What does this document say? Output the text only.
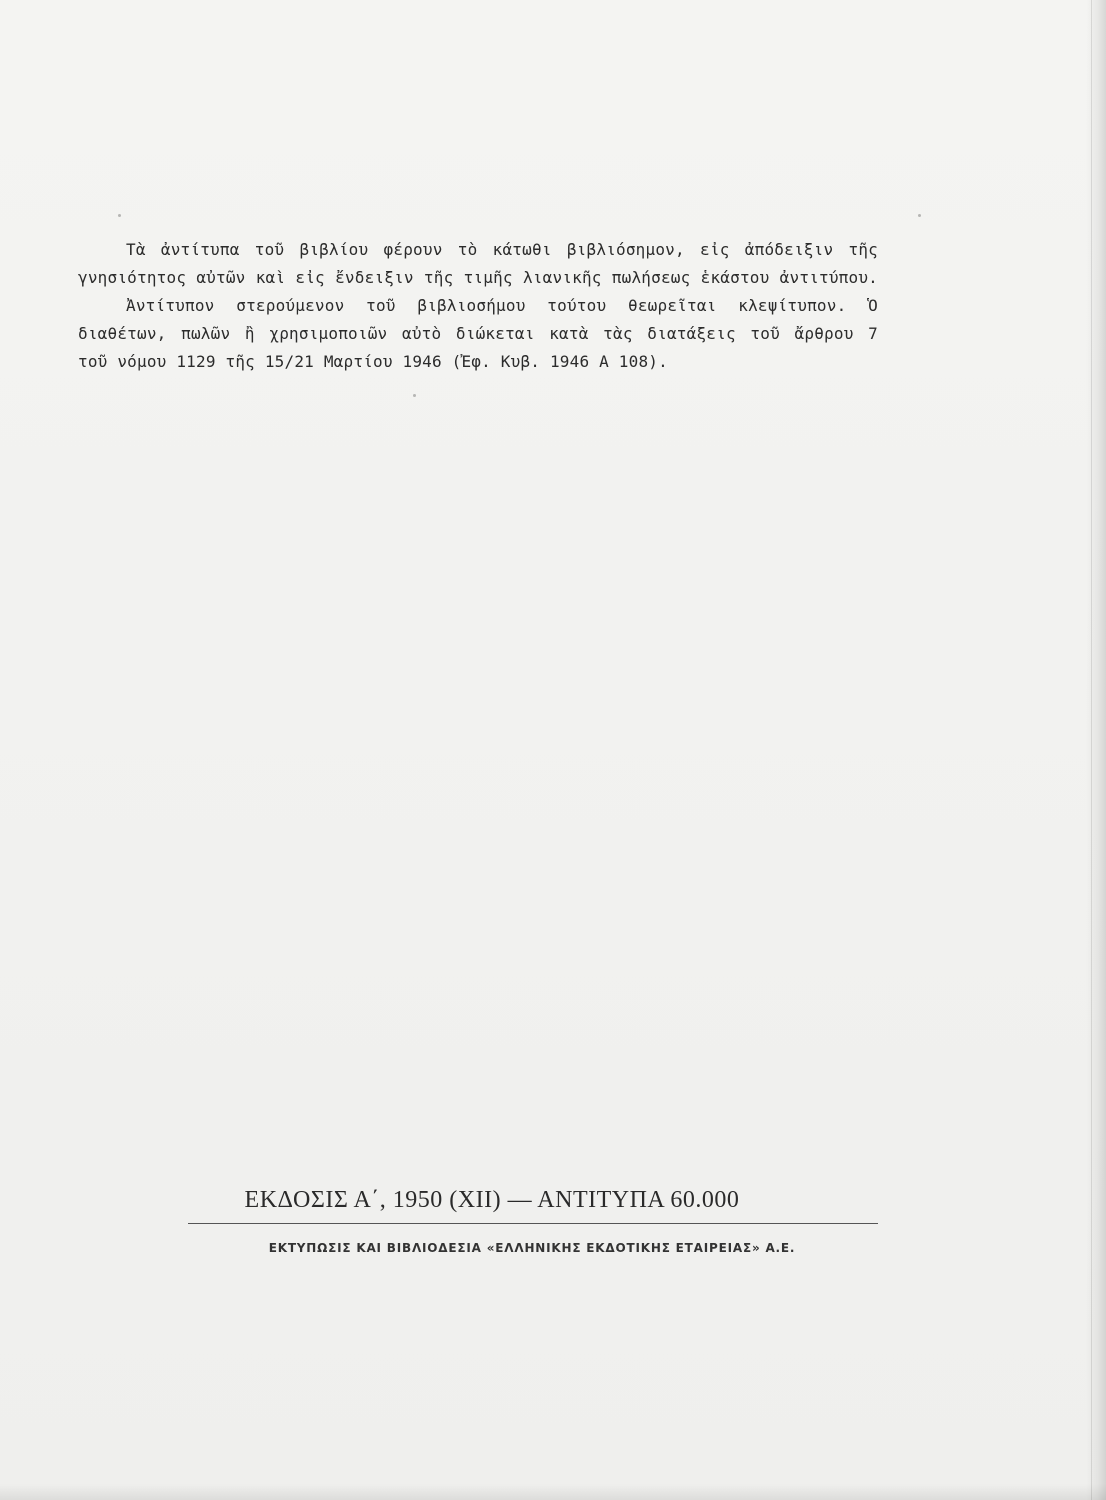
Τὰ ἀντίτυπα τοῦ βιβλίου φέρουν τὸ κάτωθι βιβλιόσημον, εἰς ἀπόδειξιν τῆς
γνησιότητος αὐτῶν καὶ εἰς ἔνδειξιν τῆς τιμῆς λιανικῆς πωλήσεως ἑκάστου ἀντιτύπου.
Ἀντίτυπον στερούμενον τοῦ βιβλιοσήμου τούτου θεωρεῖται κλεψίτυπον. Ὁ
διαθέτων, πωλῶν ἢ χρησιμοποιῶν αὐτὸ διώκεται κατὰ τὰς διατάξεις τοῦ ἄρθρου 7
τοῦ νόμου 1129 τῆς 15/21 Μαρτίου 1946 (Ἐφ. Κυβ. 1946 Α 108).
ΕΚΔΟΣΙΣ Α΄, 1950 (XII) — ΑΝΤΙΤΥΠΑ 60.000
ΕΚΤΥΠΩΣΙΣ ΚΑΙ ΒΙΒΛΙΟΔΕΣΙΑ «ΕΛΛΗΝΙΚΗΣ ΕΚΔΟΤΙΚΗΣ ΕΤΑΙΡΕΙΑΣ» Α.Ε.
